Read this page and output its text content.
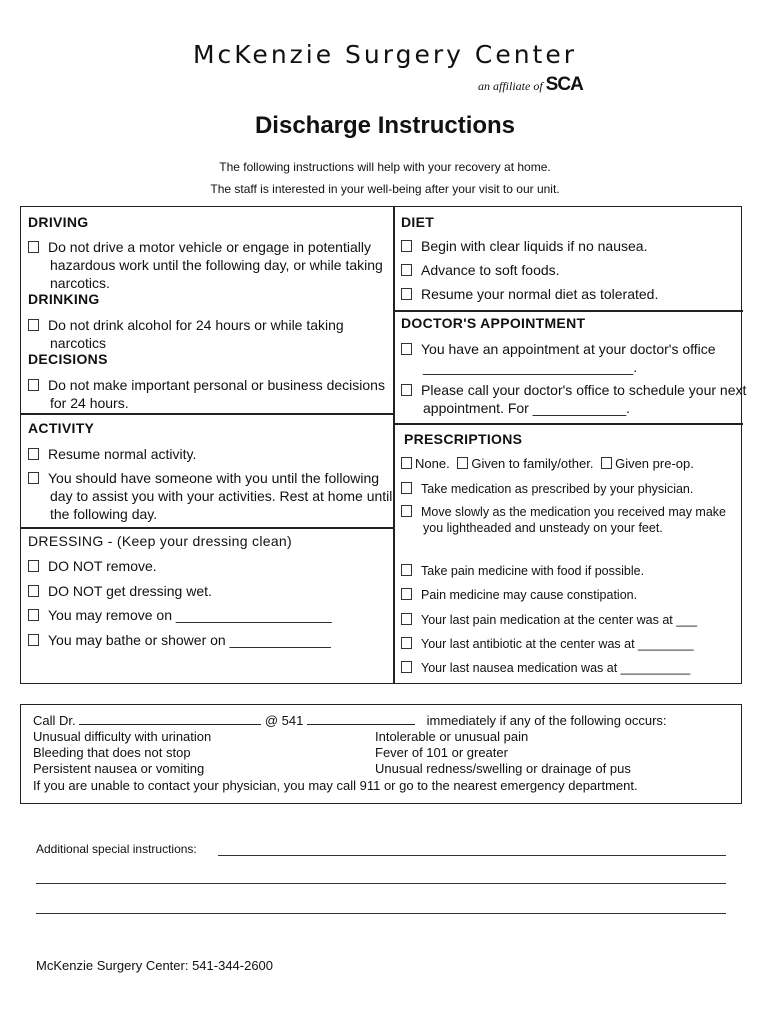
McKenzie Surgery Center
an affiliate of SCA
Discharge Instructions
The following instructions will help with your recovery at home.
The staff is interested in your well-being after your visit to our unit.
DRIVING
Do not drive a motor vehicle or engage in potentially hazardous work until the following day, or while taking narcotics.
DRINKING
Do not drink alcohol for 24 hours or while taking narcotics
DECISIONS
Do not make important personal or business decisions for 24 hours.
ACTIVITY
Resume normal activity.
You should have someone with you until the following day to assist you with your activities. Rest at home until the following day.
DRESSING - (Keep your dressing clean)
DO NOT remove.
DO NOT get dressing wet.
You may remove on ____________________
You may bathe or shower on _____________
DIET
Begin with clear liquids if no nausea.
Advance to soft foods.
Resume your normal diet as tolerated.
DOCTOR'S APPOINTMENT
You have an appointment at your doctor's office ___________________________.
Please call your doctor's office to schedule your next appointment. For ____________.
PRESCRIPTIONS
None. Given to family/other. Given pre-op.
Take medication as prescribed by your physician.
Move slowly as the medication you received may make you lightheaded and unsteady on your feet.
Take pain medicine with food if possible.
Pain medicine may cause constipation.
Your last pain medication at the center was at ___
Your last antibiotic at the center was at ________
Your last nausea medication was at __________
Call Dr.	@ 541	immediately if any of the following occurs:
Unusual difficulty with urination
Bleeding that does not stop
Persistent nausea or vomiting
Intolerable or unusual pain
Fever of 101 or greater
Unusual redness/swelling or drainage of pus
If you are unable to contact your physician, you may call 911 or go to the nearest emergency department.
Additional special instructions:
McKenzie Surgery Center: 541-344-2600
